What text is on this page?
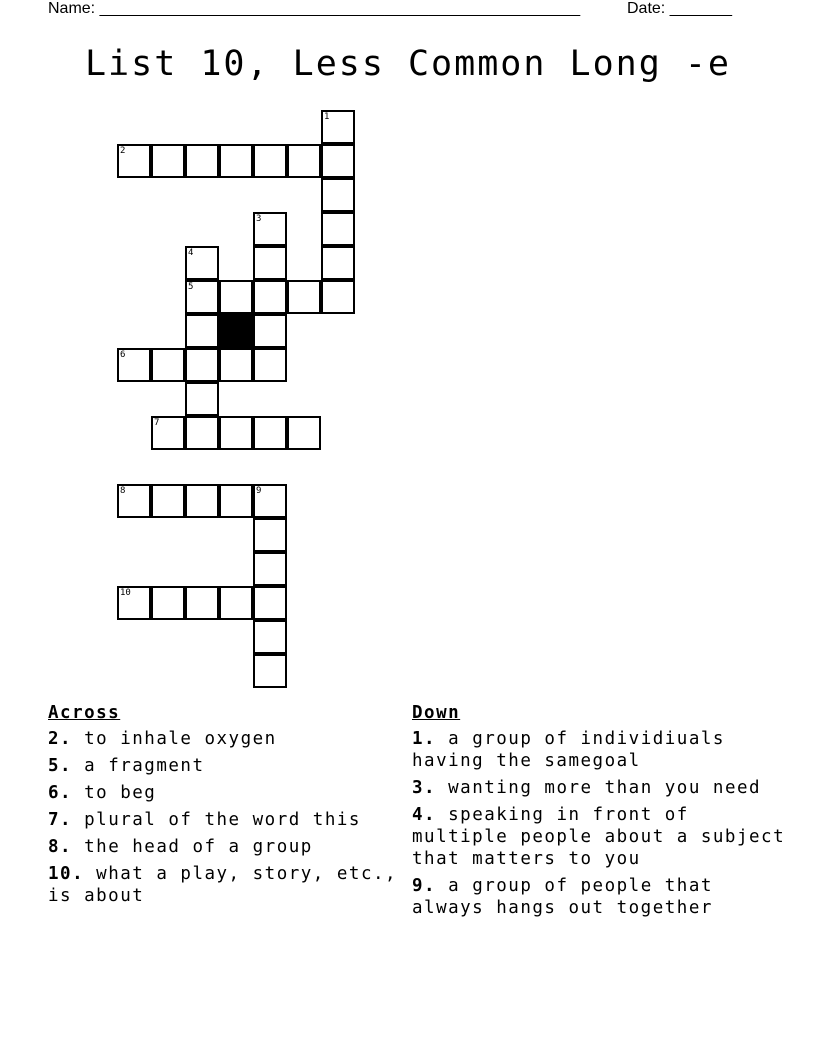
Name: ______________________________________________________	Date: _______
List 10, Less Common Long -e
1
2
3
4
5
6
7
8	9
10
Across
2. to inhale oxygen
5. a fragment
6. to beg
7. plural of the word this
8. the head of a group
10. what a play, story, etc., is about
Down
1. a group of individiuals having the samegoal
3. wanting more than you need
4. speaking in front of multiple people about a subject that matters to you
9. a group of people that always hangs out together
